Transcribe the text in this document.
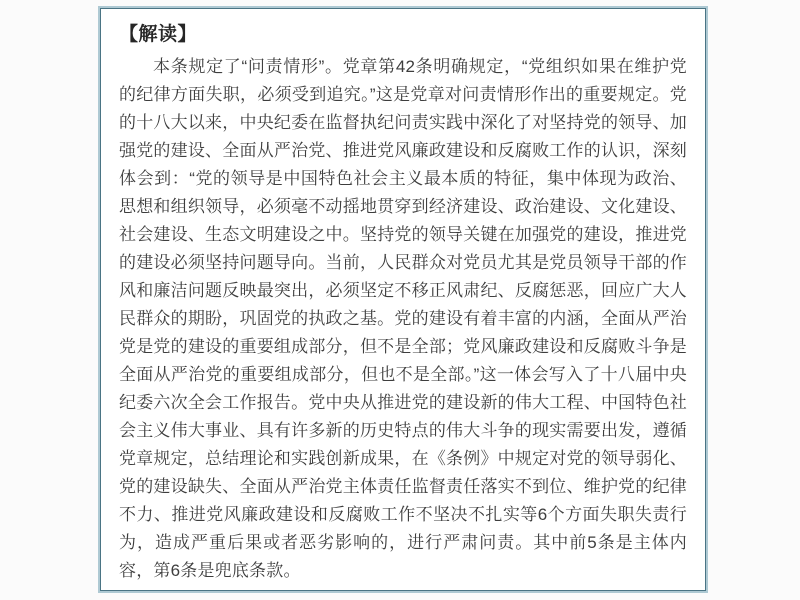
【解读】

本条规定了“问责情形”。党章第42条明确规定，“党组织如果在维护党的纪律方面失职，必须受到追究。”这是党章对问责情形作出的重要规定。党的十八大以来，中央纪委在监督执纪问责实践中深化了对坚持党的领导、加强党的建设、全面从严治党、推进党风廉政建设和反腐败工作的认识，深刻体会到：“党的领导是中国特色社会主义最本质的特征，集中体现为政治、思想和组织领导，必须毫不动摇地贯穿到经济建设、政治建设、文化建设、社会建设、生态文明建设之中。坚持党的领导关键在加强党的建设，推进党的建设必须坚持问题导向。当前，人民群众对党员尤其是党员领导干部的作风和廉洁问题反映最突出，必须坚定不移正风肃纪、反腐惩恶，回应广大人民群众的期盼，巩固党的执政之基。党的建设有着丰富的内涵，全面从严治党是党的建设的重要组成部分，但不是全部；党风廉政建设和反腐败斗争是全面从严治党的重要组成部分，但也不是全部。”这一体会写入了十八届中央纪委六次全会工作报告。党中央从推进党的建设新的伟大工程、中国特色社会主义伟大事业、具有许多新的历史特点的伟大斗争的现实需要出发，遵循党章规定，总结理论和实践创新成果，在《条例》中规定对党的领导弱化、党的建设缺失、全面从严治党主体责任监督责任落实不到位、维护党的纪律不力、推进党风廉政建设和反腐败工作不坚决不扎实等6个方面失职失责行为，造成严重后果或者恶劣影响的，进行严肃问责。其中前5条是主体内容，第6条是兜底条款。
